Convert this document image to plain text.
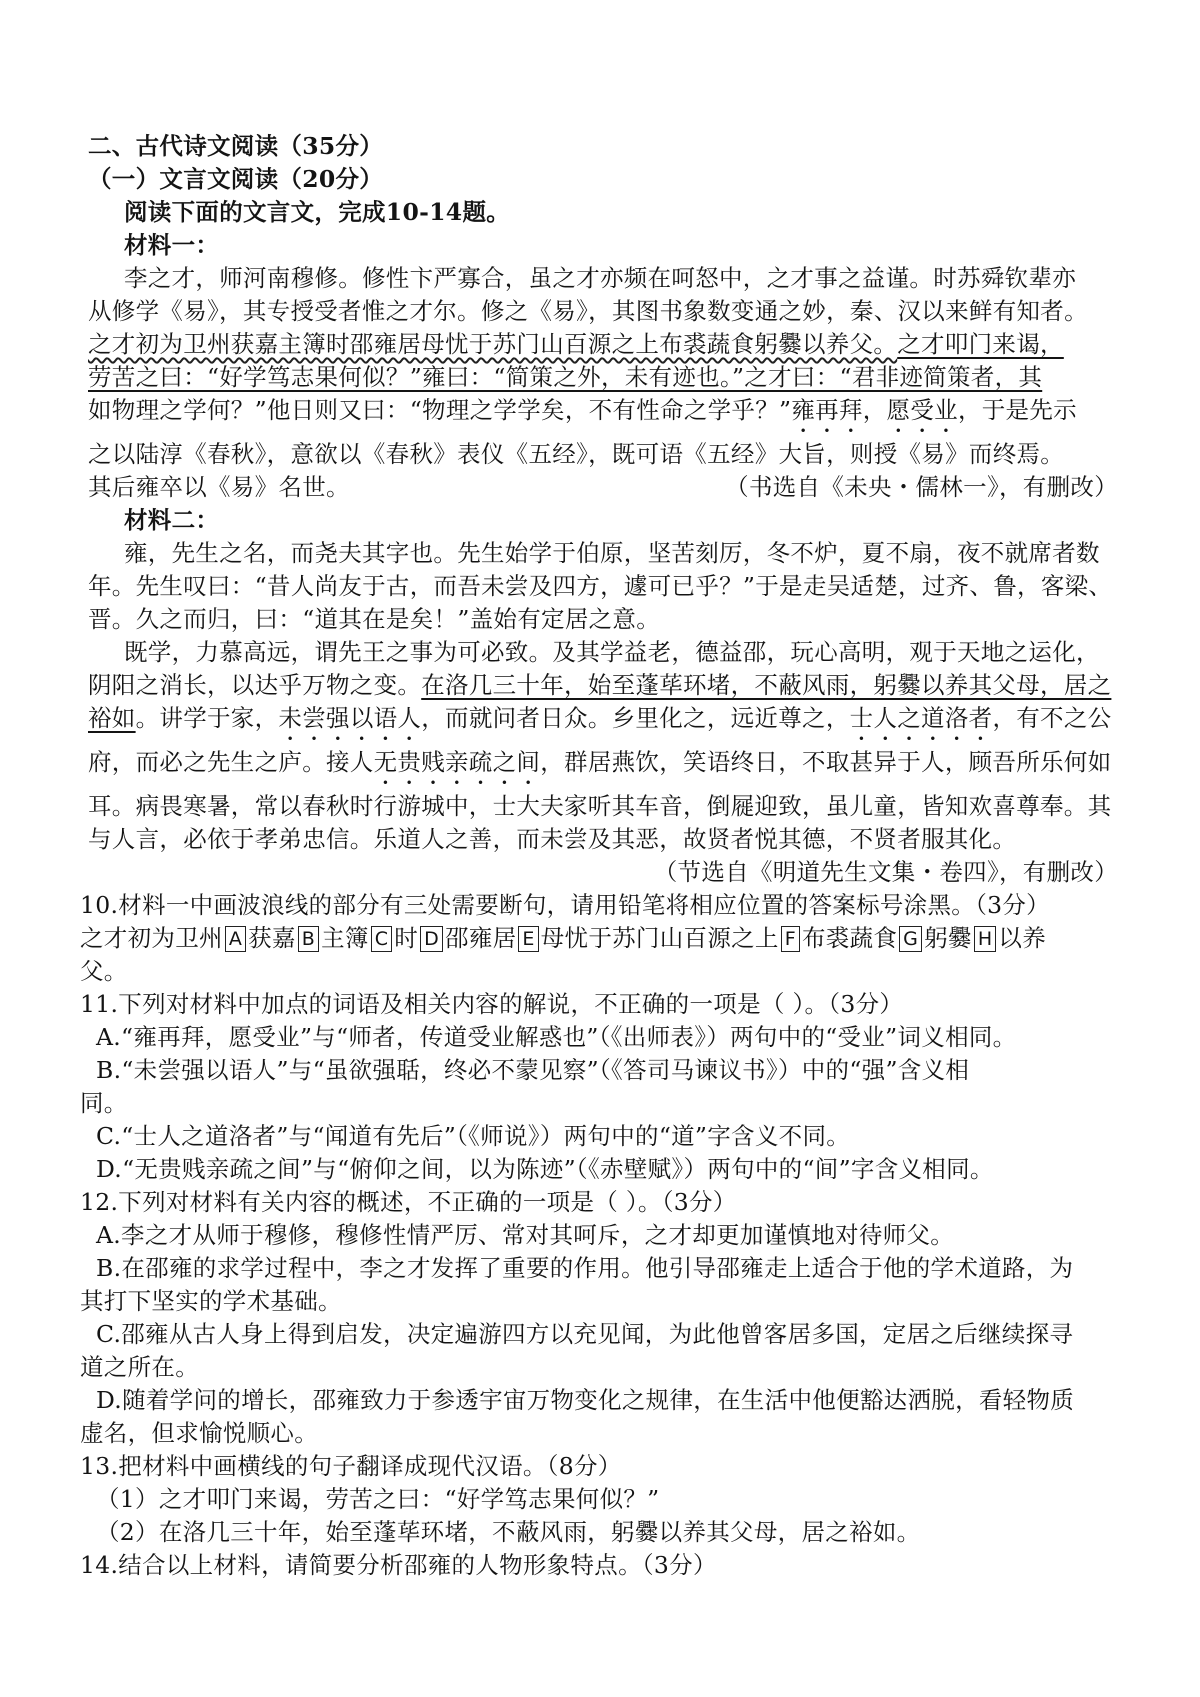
二、古代诗文阅读（35分）
（一）文言文阅读（20分）
阅读下面的文言文，完成10-14题。
材料一：
李之才，师河南穆修。修性卞严寡合，虽之才亦频在呵怒中，之才事之益谨。时苏舜钦辈亦
从修学《易》，其专授受者惟之才尔。修之《易》，其图书象数变通之妙，秦、汉以来鲜有知者。
之才初为卫州获嘉主簿时邵雍居母忧于苏门山百源之上布裘蔬食躬爨以养父。之才叩门来谒，
劳苦之曰：“好学笃志果何似？”雍曰：“简策之外，未有迹也。”之才曰：“君非迹简策者，其
如物理之学何？”他日则又曰：“物理之学学矣，不有性命之学乎？”雍再拜，愿受业，于是先示
之以陆淳《春秋》，意欲以《春秋》表仪《五经》，既可语《五经》大旨，则授《易》而终焉。
其后雍卒以《易》名世。	（书选自《未央・儒林一》，有删改）
材料二：
雍，先生之名，而尧夫其字也。先生始学于伯原，坚苦刻厉，冬不炉，夏不扇，夜不就席者数
年。先生叹曰：“昔人尚友于古，而吾未尝及四方，遽可已乎？”于是走吴适楚，过齐、鲁，客梁、
晋。久之而归，曰：“道其在是矣！”盖始有定居之意。
既学，力慕高远，谓先王之事为可必致。及其学益老，德益邵，玩心高明，观于天地之运化，
阴阳之消长，以达乎万物之变。在洛几三十年，始至蓬荜环堵，不蔽风雨，躬爨以养其父母，居之
裕如。讲学于家，未尝强以语人，而就问者日众。乡里化之，远近尊之，士人之道洛者，有不之公
府，而必之先生之庐。接人无贵贱亲疏之间，群居燕饮，笑语终日，不取甚异于人，顾吾所乐何如
耳。病畏寒暑，常以春秋时行游城中，士大夫家听其车音，倒屣迎致，虽儿童，皆知欢喜尊奉。其
与人言，必依于孝弟忠信。乐道人之善，而未尝及其恶，故贤者悦其德，不贤者服其化。
（节选自《明道先生文集・卷四》，有删改）
10.材料一中画波浪线的部分有三处需要断句，请用铅笔将相应位置的答案标号涂黑。（3分）
之才初为卫州 A 获嘉 B 主簿 C 时 D 邵雍居 E 母忧于苏门山百源之上 F 布裘蔬食 G 躬爨 H 以养
父。
11.下列对材料中加点的词语及相关内容的解说，不正确的一项是（ ）。（3分）
A.“雍再拜，愿受业”与“师者，传道受业解惑也”（《出师表》）两句中的“受业”词义相同。
B.“未尝强以语人”与“虽欲强聒，终必不蒙见察”（《答司马谏议书》）中的“强”含义相
同。
C.“士人之道洛者”与“闻道有先后”（《师说》）两句中的“道”字含义不同。
D.“无贵贱亲疏之间”与“俯仰之间，以为陈迹”（《赤壁赋》）两句中的“间”字含义相同。
12.下列对材料有关内容的概述，不正确的一项是（ ）。（3分）
A.李之才从师于穆修，穆修性情严厉、常对其呵斥，之才却更加谨慎地对待师父。
B.在邵雍的求学过程中，李之才发挥了重要的作用。他引导邵雍走上适合于他的学术道路，为
其打下坚实的学术基础。
C.邵雍从古人身上得到启发，决定遍游四方以充见闻，为此他曾客居多国，定居之后继续探寻
道之所在。
D.随着学问的增长，邵雍致力于参透宇宙万物变化之规律，在生活中他便豁达洒脱，看轻物质
虚名，但求愉悦顺心。
13.把材料中画横线的句子翻译成现代汉语。（8分）
（1）之才叩门来谒，劳苦之曰：“好学笃志果何似？”
（2）在洛几三十年，始至蓬荜环堵，不蔽风雨，躬爨以养其父母，居之裕如。
14.结合以上材料，请简要分析邵雍的人物形象特点。（3分）
